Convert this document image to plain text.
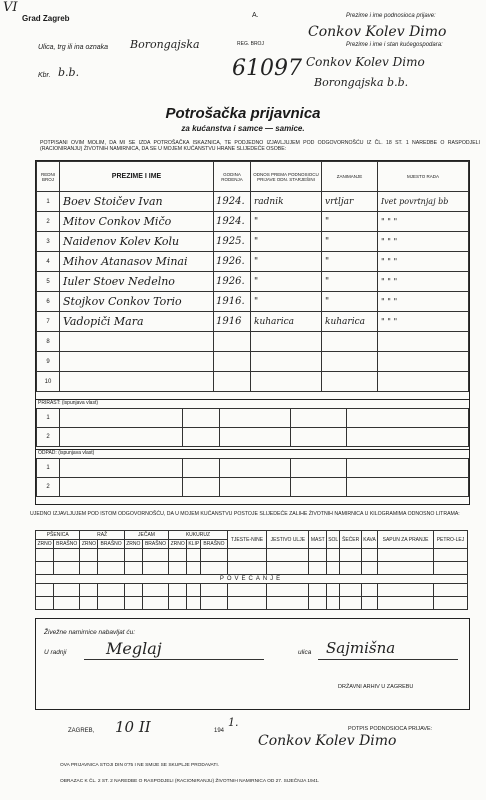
VI
Grad Zagreb
Ulica, trg ili ina oznaka Borongajska
Kbr. b.b.
A.
REG. BROJ
61097
Prezime i ime podnosioca prijave:
Conkov Kolev Dimo
Prezime i ime i stan kućegospodara:
Conkov Kolev Dimo
Borongajska b.b.
Potrošačka prijavnica
za kućanstva i samce — samice.
POTPISANI OVIM MOLIM, DA MI SE IZDA POTROŠAČKA ISKAZNICA, TE PODJEDNO IZJAVLJUJEM POD ODGOVORNOŠĆU IZ ČL. 18 ST. 1 NAREDBE O RASPODJELI (RACIONIRANJU) ŽIVOTNIH NAMIRNICA, DA SE U MOJEM KUĆANSTVU HRANE SLIJEDEĆE OSOBE:
REDNI BROJ	PREZIME I IME	GODINA RODENJA	ODNOS PREMA PODNOSIOCU PRIJAVE ODN. STARJEŠINI	ZANIMANJE	MJESTO RADA
1	Boev Stoičev Ivan	1924.	radnik	vrtljar	Ivet povrtnjaj bb
2	Mitov Conkov Mičo	1924.	"	"	" " "
3	Naidenov Kolev Kolu	1925.	"	"	" " "
4	Mihov Atanasov Minai	1926.	"	"	" " "
5	Iuler Stoev Nedelno	1926.	"	"	" " "
6	Stojkov Conkov Torio	1916.	"	"	" " "
7	Vadopiči Mara	1916	kuharica	kuharica	" " "
8					
9					
10					
PRIRAST: (ispunjava vlast)
1					
2					
ODPAD: (ispunjava vlast)
1					
2					
UJEDNO IZJAVLJUJEM POD ISTOM ODGOVORNOŠĆU, DA U MOJEM KUĆANSTVU POSTOJE SLIJEDEĆE ZALIHE ŽIVOTNIH NAMIRNICA U KILOGRAMIMA ODNOSNO LITRAMA:
PŠENICA		RAŽ		JEČAM		KUKURUZ			TJESTE-NINE	JESTIVO ULJE	MAST	SOL	ŠEĆER	KAVA	SAPUN ZA PRANJE	PETRO-LEJ
ZRNO	BRAŠNO	ZRNO	BRAŠNO	ZRNO	BRAŠNO	ZRNO	KLIP	BRAŠNO								

POVEĆANJE																

Živežne namirnice nabavljat ću:
U radnji Meglaj	ulica Sajmišna
DRŽAVNI ARHIV U ZAGREBU
ZAGREB, 10 II	194
1.	POTPIS PODNOSIOCA PRIJAVE:
Conkov Kolev Dimo
OVA PRIJAVNICA STOJI DIN 0'75 I NE SMIJE SE SKUPLJE PRODAVATI.
OBRAZAC K ČL. 2 ST. 2 NAREDBE O RASPODJELI (RACIONIRANJU) ŽIVOTNIH NAMIRNICA OD 27. SIJEČNJA 1941.
